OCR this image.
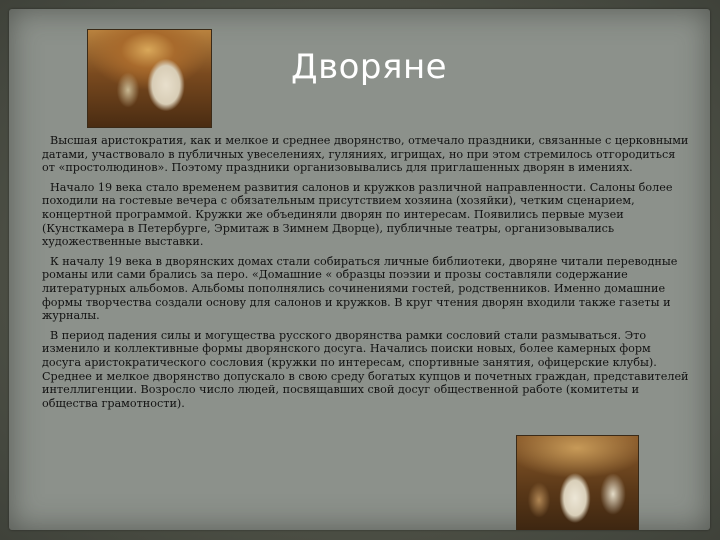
Дворяне

Высшая аристократия, как и мелкое и среднее дворянство, отмечало праздники, связанные с церковными датами, участвовало в публичных увеселениях, гуляниях, игрищах, но при этом стремилось отгородиться от «простолюдинов». Поэтому праздники организовывались для приглашенных дворян в имениях.

Начало 19 века стало временем развития салонов и кружков различной направленности. Салоны более походили на гостевые вечера с обязательным присутствием хозяина (хозяйки), четким сценарием, концертной программой. Кружки же объединяли дворян по интересам. Появились первые музеи (Кунсткамера в Петербурге, Эрмитаж в Зимнем Дворце), публичные театры, организовывались художественные выставки.

К началу 19 века в дворянских домах стали собираться личные библиотеки, дворяне читали переводные романы или сами брались за перо. «Домашние « образцы поэзии и прозы составляли содержание литературных альбомов. Альбомы пополнялись сочинениями гостей, родственников. Именно домашние формы творчества создали основу для салонов и кружков. В круг чтения дворян входили также газеты и журналы.

В период падения силы и могущества русского дворянства рамки сословий стали размываться. Это изменило и коллективные формы дворянского досуга. Начались поиски новых, более камерных форм досуга аристократического сословия (кружки по интересам, спортивные занятия, офицерские клубы). Среднее и мелкое дворянство допускало в свою среду богатых купцов и почетных граждан, представителей интеллигенции. Возросло число людей, посвящавших свой досуг общественной работе (комитеты и общества грамотности).
